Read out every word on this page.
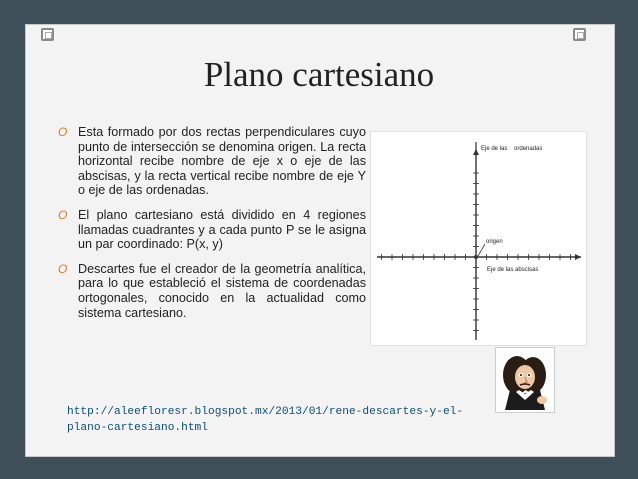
Plano cartesiano
O Esta formado por dos rectas perpendiculares cuyo punto de intersección se denomina origen. La recta horizontal recibe nombre de eje x o eje de las abscisas, y la recta vertical recibe nombre de eje Y o eje de las ordenadas.
O El plano cartesiano está dividido en 4 regiones llamadas cuadrantes y a cada punto P se le asigna un par coordinado: P(x, y)
O Descartes fue el creador de la geometría analítica, para lo que estableció el sistema de coordenadas ortogonales, conocido en la actualidad como sistema cartesiano.
origen
Eje de las    ordenadas
Eje de las abscisas
http://aleefloresr.blogspot.mx/2013/01/rene-descartes-y-el-
plano-cartesiano.html
